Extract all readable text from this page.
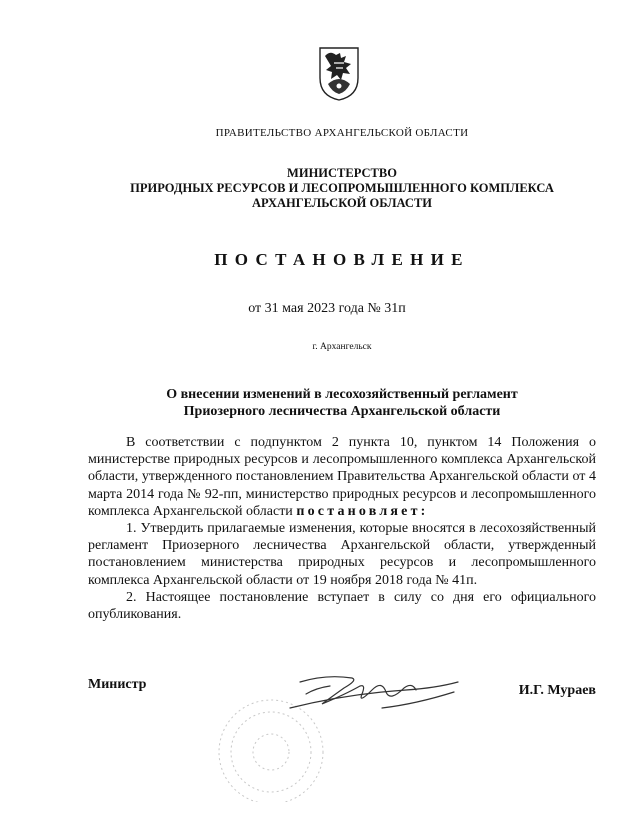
ПРАВИТЕЛЬСТВО АРХАНГЕЛЬСКОЙ ОБЛАСТИ
МИНИСТЕРСТВО
ПРИРОДНЫХ РЕСУРСОВ И ЛЕСОПРОМЫШЛЕННОГО КОМПЛЕКСА
АРХАНГЕЛЬСКОЙ ОБЛАСТИ
ПОСТАНОВЛЕНИЕ
от 31 мая 2023 года № 31п
г. Архангельск
О внесении изменений в лесохозяйственный регламент
Приозерного лесничества Архангельской области

В соответствии с подпунктом 2 пункта 10, пунктом 14 Положения о министерстве природных ресурсов и лесопромышленного комплекса Архангельской области, утвержденного постановлением Правительства Архангельской области от 4 марта 2014 года № 92-пп, министерство природных ресурсов и лесопромышленного комплекса Архангельской области постановляет:

1. Утвердить прилагаемые изменения, которые вносятся в лесохозяйственный регламент Приозерного лесничества Архангельской области, утвержденный постановлением министерства природных ресурсов и лесопромышленного комплекса Архангельской области от 19 ноября 2018 года № 41п.

2. Настоящее постановление вступает в силу со дня его официального опубликования.

Министр	И.Г. Мураев
